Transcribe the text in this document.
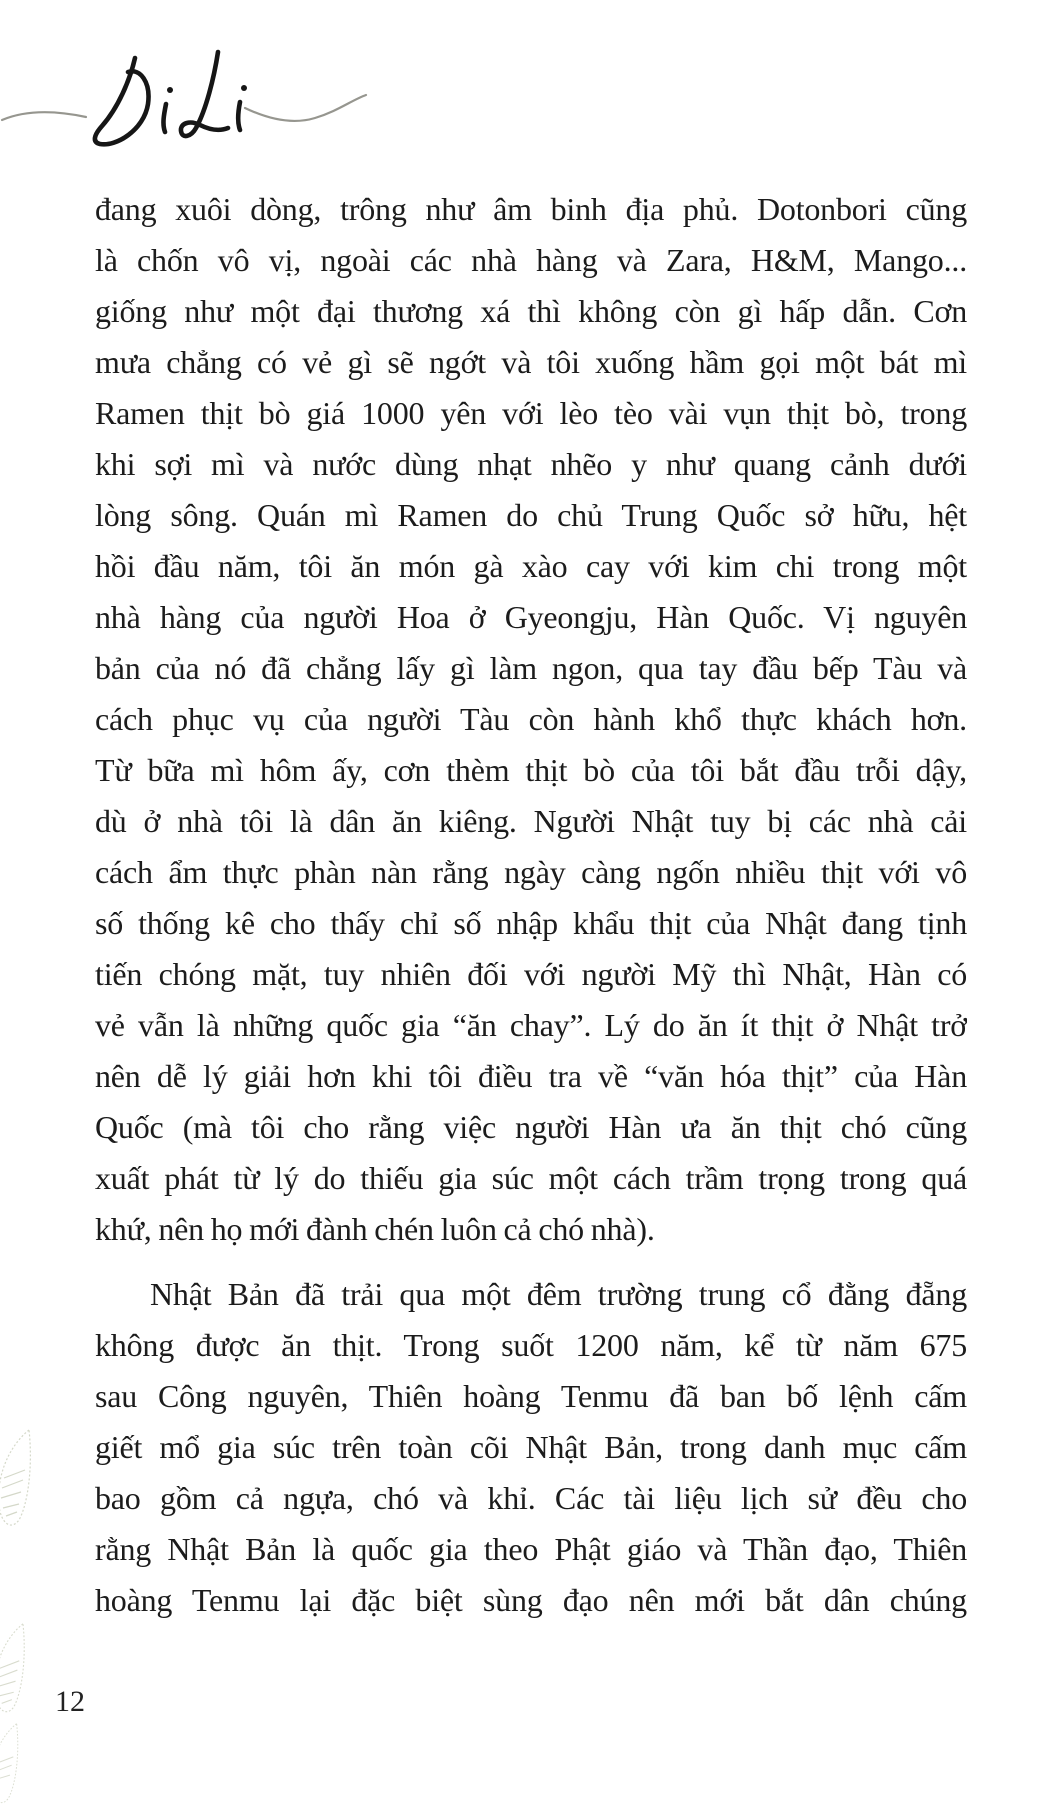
đang xuôi dòng, trông như âm binh địa phủ. Dotonbori cũng
là chốn vô vị, ngoài các nhà hàng và Zara, H&M, Mango...
giống như một đại thương xá thì không còn gì hấp dẫn. Cơn
mưa chẳng có vẻ gì sẽ ngớt và tôi xuống hầm gọi một bát mì
Ramen thịt bò giá 1000 yên với lèo tèo vài vụn thịt bò, trong
khi sợi mì và nước dùng nhạt nhẽo y như quang cảnh dưới
lòng sông. Quán mì Ramen do chủ Trung Quốc sở hữu, hệt
hồi đầu năm, tôi ăn món gà xào cay với kim chi trong một
nhà hàng của người Hoa ở Gyeongju, Hàn Quốc. Vị nguyên
bản của nó đã chẳng lấy gì làm ngon, qua tay đầu bếp Tàu và
cách phục vụ của người Tàu còn hành khổ thực khách hơn.
Từ bữa mì hôm ấy, cơn thèm thịt bò của tôi bắt đầu trỗi dậy,
dù ở nhà tôi là dân ăn kiêng. Người Nhật tuy bị các nhà cải
cách ẩm thực phàn nàn rằng ngày càng ngốn nhiều thịt với vô
số thống kê cho thấy chỉ số nhập khẩu thịt của Nhật đang tịnh
tiến chóng mặt, tuy nhiên đối với người Mỹ thì Nhật, Hàn có
vẻ vẫn là những quốc gia “ăn chay”. Lý do ăn ít thịt ở Nhật trở
nên dễ lý giải hơn khi tôi điều tra về “văn hóa thịt” của Hàn
Quốc (mà tôi cho rằng việc người Hàn ưa ăn thịt chó cũng
xuất phát từ lý do thiếu gia súc một cách trầm trọng trong quá
khứ, nên họ mới đành chén luôn cả chó nhà).
Nhật Bản đã trải qua một đêm trường trung cổ đằng đẵng
không được ăn thịt. Trong suốt 1200 năm, kể từ năm 675
sau Công nguyên, Thiên hoàng Tenmu đã ban bố lệnh cấm
giết mổ gia súc trên toàn cõi Nhật Bản, trong danh mục cấm
bao gồm cả ngựa, chó và khỉ. Các tài liệu lịch sử đều cho
rằng Nhật Bản là quốc gia theo Phật giáo và Thần đạo, Thiên
hoàng Tenmu lại đặc biệt sùng đạo nên mới bắt dân chúng
12
